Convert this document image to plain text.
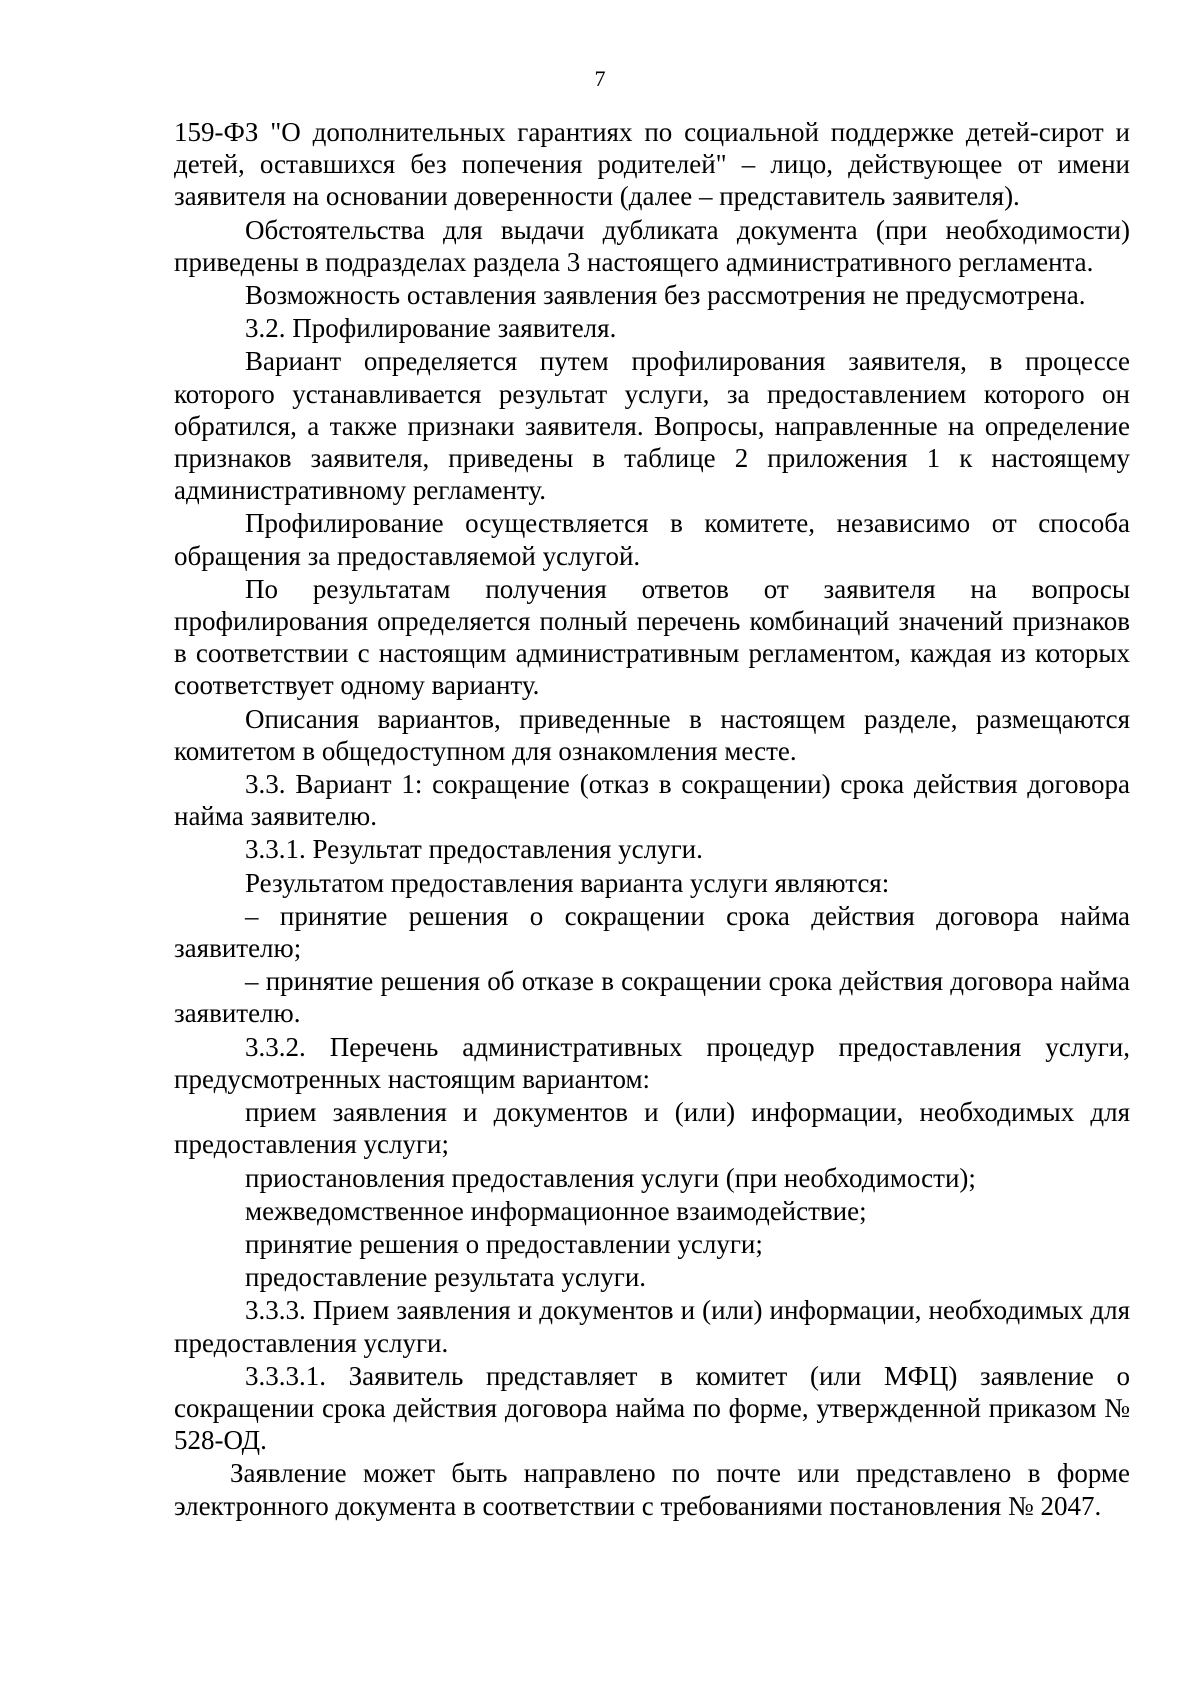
7

159-ФЗ "О дополнительных гарантиях по социальной поддержке детей-сирот и детей, оставшихся без попечения родителей" – лицо, действующее от имени заявителя на основании доверенности (далее – представитель заявителя).

Обстоятельства для выдачи дубликата документа (при необходимости) приведены в подразделах раздела 3 настоящего административного регламента.

Возможность оставления заявления без рассмотрения не предусмотрена.

3.2. Профилирование заявителя.

Вариант определяется путем профилирования заявителя, в процессе которого устанавливается результат услуги, за предоставлением которого он обратился, а также признаки заявителя. Вопросы, направленные на определение признаков заявителя, приведены в таблице 2 приложения 1 к настоящему административному регламенту.

Профилирование осуществляется в комитете, независимо от способа обращения за предоставляемой услугой.

По результатам получения ответов от заявителя на вопросы профилирования определяется полный перечень комбинаций значений признаков в соответствии с настоящим административным регламентом, каждая из которых соответствует одному варианту.

Описания вариантов, приведенные в настоящем разделе, размещаются комитетом в общедоступном для ознакомления месте.

3.3. Вариант 1: сокращение (отказ в сокращении) срока действия договора найма заявителю.

3.3.1. Результат предоставления услуги.

Результатом предоставления варианта услуги являются:

– принятие решения о сокращении срока действия договора найма заявителю;

– принятие решения об отказе в сокращении срока действия договора найма заявителю.

3.3.2. Перечень административных процедур предоставления услуги, предусмотренных настоящим вариантом:

прием заявления и документов и (или) информации, необходимых для предоставления услуги;

приостановления предоставления услуги (при необходимости);

межведомственное информационное взаимодействие;

принятие решения о предоставлении услуги;

предоставление результата услуги.

3.3.3. Прием заявления и документов и (или) информации, необходимых для предоставления услуги.

3.3.3.1. Заявитель представляет в комитет (или МФЦ) заявление о сокращении срока действия договора найма по форме, утвержденной приказом № 528-ОД.

Заявление может быть направлено по почте или представлено в форме электронного документа в соответствии с требованиями постановления № 2047.
